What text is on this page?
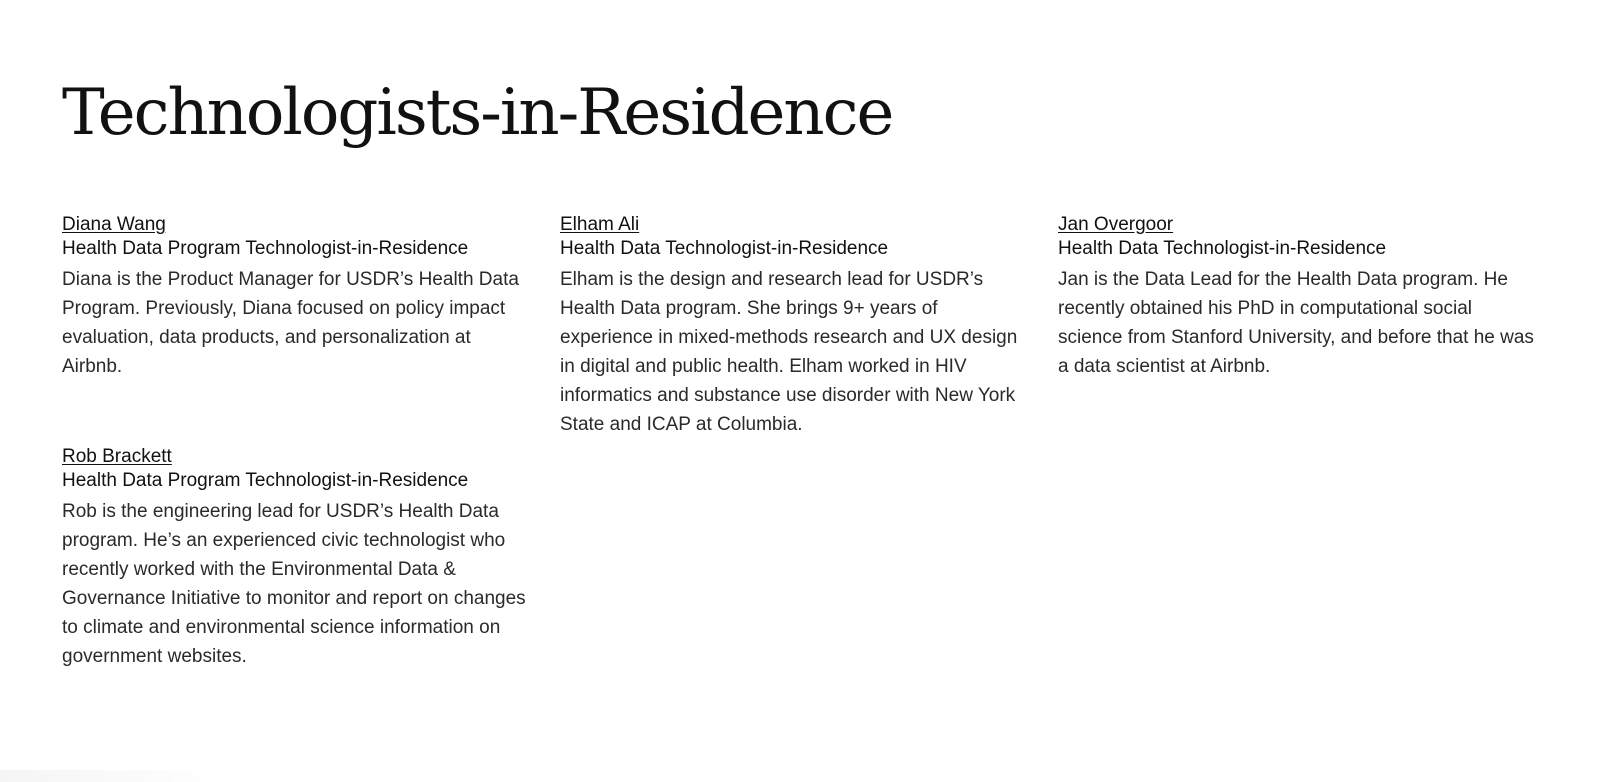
Technologists-in-Residence
Diana Wang
Health Data Program Technologist-in-Residence

Diana is the Product Manager for USDR’s Health Data Program. Previously, Diana focused on policy impact evaluation, data products, and personalization at Airbnb.

Elham Ali
Health Data Technologist-in-Residence

Elham is the design and research lead for USDR’s Health Data program. She brings 9+ years of experience in mixed-methods research and UX design in digital and public health. Elham worked in HIV informatics and substance use disorder with New York State and ICAP at Columbia.

Jan Overgoor
Health Data Technologist-in-Residence

Jan is the Data Lead for the Health Data program. He recently obtained his PhD in computational social science from Stanford University, and before that he was a data scientist at Airbnb.

Rob Brackett
Health Data Program Technologist-in-Residence

Rob is the engineering lead for USDR’s Health Data program. He’s an experienced civic technologist who recently worked with the Environmental Data & Governance Initiative to monitor and report on changes to climate and environmental science information on government websites.
